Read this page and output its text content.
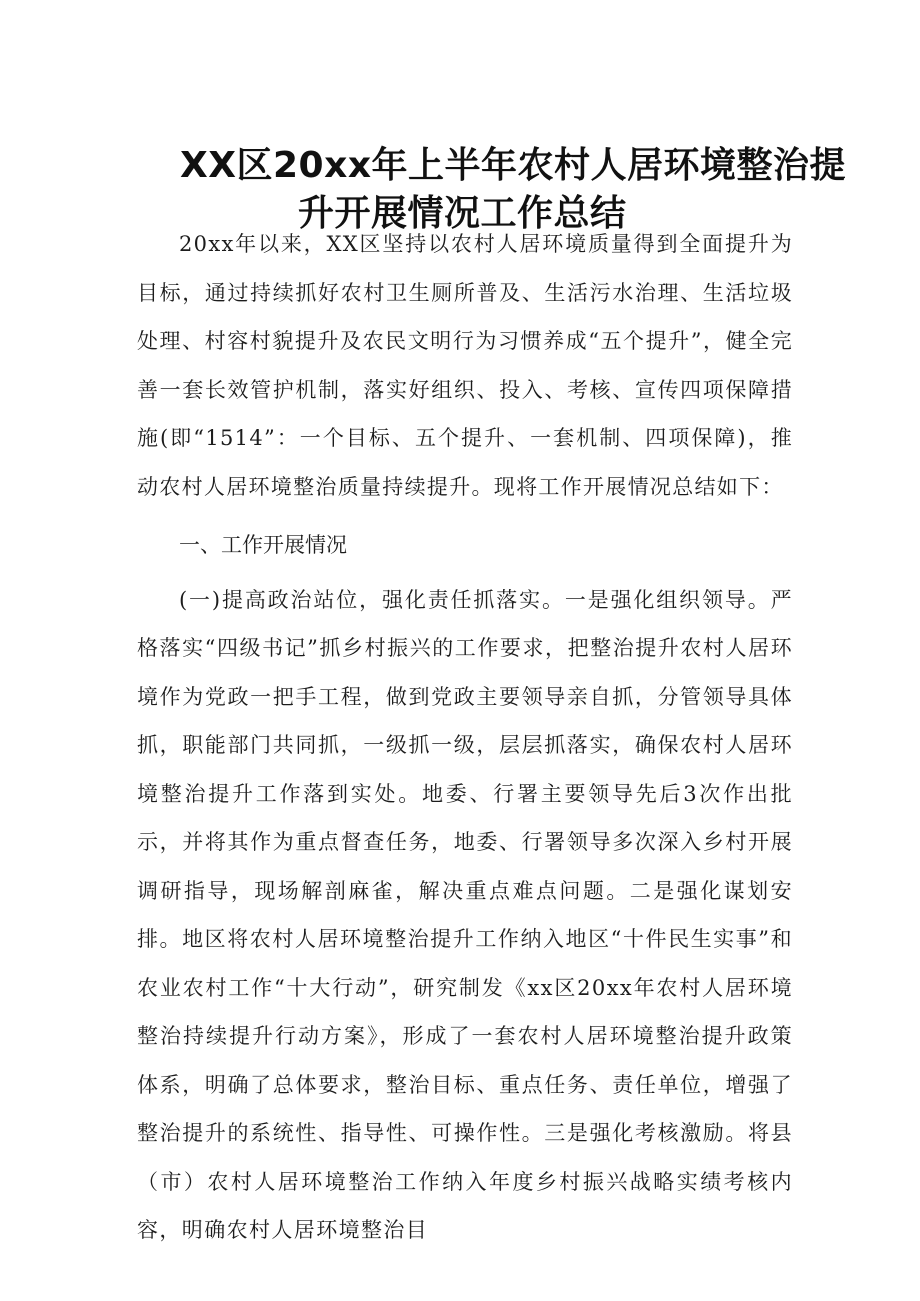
XX区20xx年上半年农村人居环境整治提
升开展情况工作总结

20xx年以来，XX区坚持以农村人居环境质量得到全面提升为目标，通过持续抓好农村卫生厕所普及、生活污水治理、生活垃圾处理、村容村貌提升及农民文明行为习惯养成“五个提升”，健全完善一套长效管护机制，落实好组织、投入、考核、宣传四项保障措施(即“1514”：一个目标、五个提升、一套机制、四项保障)，推动农村人居环境整治质量持续提升。现将工作开展情况总结如下：

一、工作开展情况

(一)提高政治站位，强化责任抓落实。一是强化组织领导。严格落实“四级书记”抓乡村振兴的工作要求，把整治提升农村人居环境作为党政一把手工程，做到党政主要领导亲自抓，分管领导具体抓，职能部门共同抓，一级抓一级，层层抓落实，确保农村人居环境整治提升工作落到实处。地委、行署主要领导先后3次作出批示，并将其作为重点督查任务，地委、行署领导多次深入乡村开展调研指导，现场解剖麻雀，解决重点难点问题。二是强化谋划安排。地区将农村人居环境整治提升工作纳入地区“十件民生实事”和农业农村工作“十大行动”，研究制发《xx区20xx年农村人居环境整治持续提升行动方案》，形成了一套农村人居环境整治提升政策体系，明确了总体要求，整治目标、重点任务、责任单位，增强了整治提升的系统性、指导性、可操作性。三是强化考核激励。将县（市）农村人居环境整治工作纳入年度乡村振兴战略实绩考核内容，明确农村人居环境整治目
